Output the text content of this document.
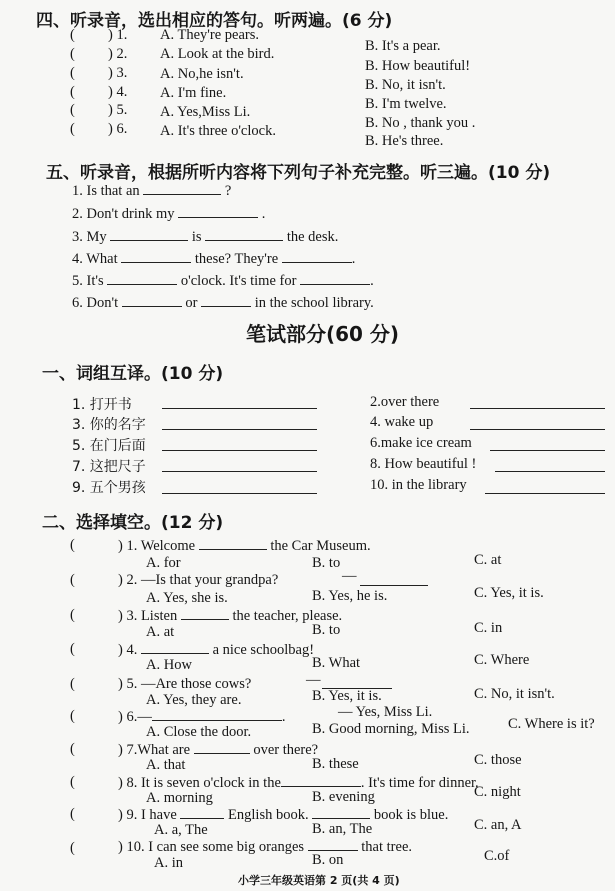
四、听录音，选出相应的答句。听两遍。(6 分)
( ) 1. A. They're pears.
B. It's a pear.
( ) 2. A. Look at the bird.
B. How beautiful!
( ) 3. A. No,he isn't.
B. No, it isn't.
( ) 4. A. I'm fine.
B. I'm twelve.
( ) 5. A. Yes,Miss Li.
B. No , thank you .
( ) 6. A. It's three o'clock.
B. He's three.
五、听录音，根据所听内容将下列句子补充完整。听三遍。(10 分)
1. Is that an	?
2. Don't drink my	.
3. My	is	the desk.
4. What	these? They're	.
5. It's	o'clock. It's time for	.
6. Don't	or	in the school library.
笔试部分(60 分)
一、词组互译。(10 分)
1. 打开书	2.over there
3. 你的名字	4. wake up
5. 在门后面	6.make ice cream
7. 这把尺子	8. How beautiful !
9. 五个男孩	10. in the library
二、选择填空。(12 分)
(	) 1. Welcome	the Car Museum.
A. for	B. to	C. at
(	) 2. —Is that your grandpa?	—
A. Yes, she is.	B. Yes, he is.	C. Yes, it is.
(	) 3. Listen	the teacher, please.
A. at	B. to	C. in
(	) 4.	a nice schoolbag!
A. How	B. What	C. Where
(	) 5. —Are those cows?	—
A. Yes, they are.	B. Yes, it is.	C. No, it isn't.
(	) 6.—	.	— Yes, Miss Li.
A. Close the door.	B. Good morning, Miss Li.	C. Where is it?
(	) 7.What are	over there?
A. that	B. these	C. those
(	) 8. It is seven o'clock in the	. It's time for dinner.
A. morning	B. evening	C. night
(	) 9. I have	English book.	book is blue.
A. a, The	B. an, The	C. an, A
(	) 10. I can see some big oranges	that tree.
A. in	B. on	C.of
小学三年级英语第 2 页(共 4 页)
